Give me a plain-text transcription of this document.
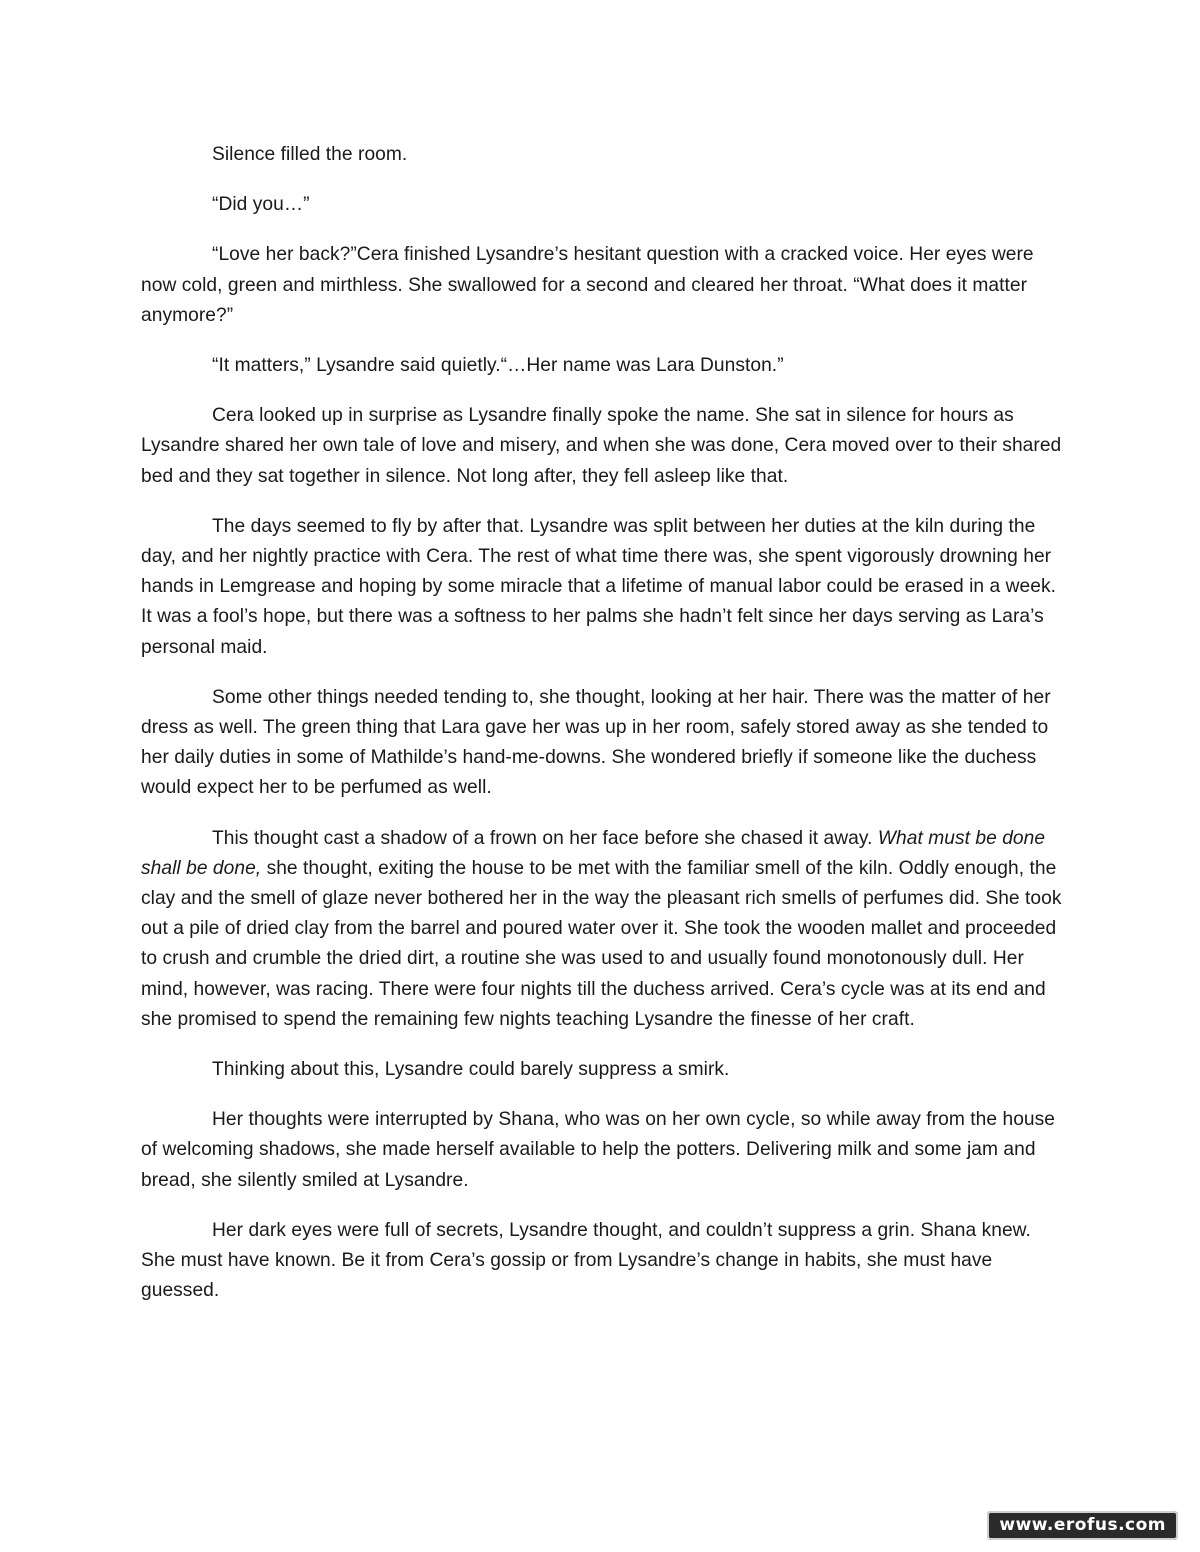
Silence filled the room.

“Did you…”

“Love her back?”Cera finished Lysandre’s hesitant question with a cracked voice. Her eyes were now cold, green and mirthless. She swallowed for a second and cleared her throat. “What does it matter anymore?”

“It matters,” Lysandre said quietly.“…Her name was Lara Dunston.”

Cera looked up in surprise as Lysandre finally spoke the name. She sat in silence for hours as Lysandre shared her own tale of love and misery, and when she was done, Cera moved over to their shared bed and they sat together in silence. Not long after, they fell asleep like that.

The days seemed to fly by after that. Lysandre was split between her duties at the kiln during the day, and her nightly practice with Cera. The rest of what time there was, she spent vigorously drowning her hands in Lemgrease and hoping by some miracle that a lifetime of manual labor could be erased in a week. It was a fool’s hope, but there was a softness to her palms she hadn’t felt since her days serving as Lara’s personal maid.

Some other things needed tending to, she thought, looking at her hair. There was the matter of her dress as well. The green thing that Lara gave her was up in her room, safely stored away as she tended to her daily duties in some of Mathilde’s hand-me-downs. She wondered briefly if someone like the duchess would expect her to be perfumed as well.

This thought cast a shadow of a frown on her face before she chased it away. What must be done shall be done, she thought, exiting the house to be met with the familiar smell of the kiln. Oddly enough, the clay and the smell of glaze never bothered her in the way the pleasant rich smells of perfumes did. She took out a pile of dried clay from the barrel and poured water over it. She took the wooden mallet and proceeded to crush and crumble the dried dirt, a routine she was used to and usually found monotonously dull. Her mind, however, was racing. There were four nights till the duchess arrived. Cera’s cycle was at its end and she promised to spend the remaining few nights teaching Lysandre the finesse of her craft.

Thinking about this, Lysandre could barely suppress a smirk.

Her thoughts were interrupted by Shana, who was on her own cycle, so while away from the house of welcoming shadows, she made herself available to help the potters. Delivering milk and some jam and bread, she silently smiled at Lysandre.

Her dark eyes were full of secrets, Lysandre thought, and couldn’t suppress a grin. Shana knew. She must have known. Be it from Cera’s gossip or from Lysandre’s change in habits, she must have guessed.

www.erofus.com
